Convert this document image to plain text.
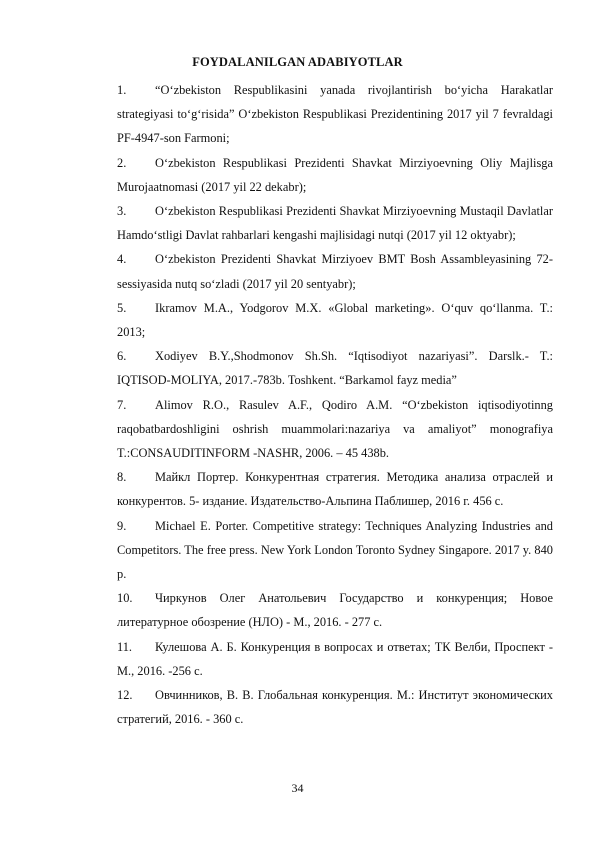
FOYDALANILGAN ADABIYOTLAR
1.	“O‘zbekiston Respublikasini yanada rivojlantirish bo‘yicha Harakatlar strategiyasi to‘g‘risida” O‘zbekiston Respublikasi Prezidentining 2017 yil 7 fevraldagi PF-4947-son Farmoni;
2.	O‘zbekiston Respublikasi Prezidenti Shavkat Mirziyoevning Oliy Majlisga Murojaatnomasi (2017 yil 22 dekabr);
3.	O‘zbekiston Respublikasi Prezidenti Shavkat Mirziyoevning Mustaqil Davlatlar Hamdo‘stligi Davlat rahbarlari kengashi majlisidagi nutqi (2017 yil 12 oktyabr);
4.	O‘zbekiston Prezidenti Shavkat Mirziyoev BMT Bosh Assambleyasining 72-sessiyasida nutq so‘zladi (2017 yil 20 sentyabr);
5.	Ikramov M.A., Yodgorov M.X. «Global marketing». O‘quv qo‘llanma. T.: 2013;
6.	Xodiyev B.Y.,Shodmonov Sh.Sh. “Iqtisodiyot nazariyasi”. Darslk.- T.: IQTISOD-MOLIYA, 2017.-783b. Toshkent. “Barkamol fayz media”
7.	Alimov R.O., Rasulev A.F., Qodiro A.M. “O‘zbekiston iqtisodiyotinng raqobatbardoshligini oshrish muammolari:nazariya va amaliyot” monografiya T.:CONSAUDITINFORM -NASHR, 2006. – 45 438b.
8.	Майкл Портер. Конкурентная стратегия. Методика анализа отраслей и конкурентов. 5- издание. Издательство-Альпина Паблишер, 2016 г. 456 c.
9.	Michael E. Porter. Competitive strategy: Techniques Analyzing Industries and Competitors. The free press. New York London Toronto Sydney Singapore. 2017 y. 840 p.
10.	Чиркунов Олег Анатольевич Государство и конкуренция; Новое литературное обозрение (НЛО) - М., 2016. - 277 c.
11.	Кулешова А. Б. Конкуренция в вопросах и ответах; ТК Велби, Проспект - М., 2016. -256 c.
12.	Овчинников, В. В. Глобальная конкуренция. М.: Институт экономических стратегий, 2016. - 360 c.
34
